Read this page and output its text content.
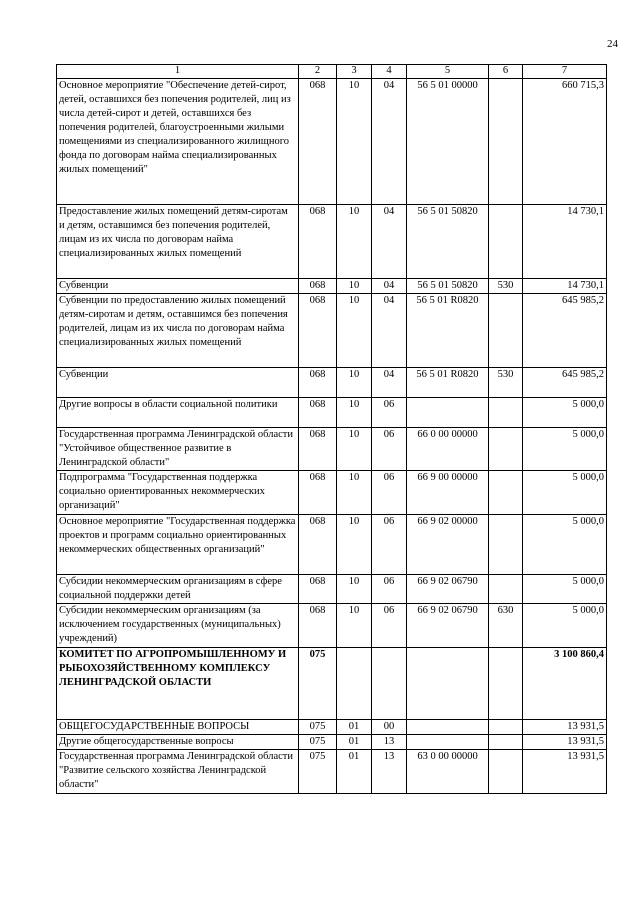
24
1	2	3	4	5	6	7
Основное мероприятие "Обеспечение детей-сирот, детей, оставшихся без попечения родителей, лиц из числа детей-сирот и детей, оставшихся без попечения родителей, благоустроенными жилыми помещениями из специализированного жилищного фонда по договорам найма специализированных жилых помещений"	068	10	04	56 5 01 00000		660 715,3
Предоставление жилых помещений детям-сиротам и детям, оставшимся без попечения родителей, лицам из их числа по договорам найма специализированных жилых помещений	068	10	04	56 5 01 50820		14 730,1
Субвенции	068	10	04	56 5 01 50820	530	14 730,1
Субвенции по предоставлению жилых помещений детям-сиротам и детям, оставшимся без попечения родителей, лицам из их числа по договорам найма специализированных жилых помещений	068	10	04	56 5 01 R0820		645 985,2
Субвенции	068	10	04	56 5 01 R0820	530	645 985,2
Другие вопросы в области социальной политики	068	10	06			5 000,0
Государственная программа Ленинградской области "Устойчивое общественное развитие в Ленинградской области"	068	10	06	66 0 00 00000		5 000,0
Подпрограмма "Государственная поддержка социально ориентированных некоммерческих организаций"	068	10	06	66 9 00 00000		5 000,0
Основное мероприятие "Государственная поддержка проектов и программ социально ориентированных некоммерческих общественных организаций"	068	10	06	66 9 02 00000		5 000,0
Субсидии некоммерческим организациям в сфере социальной поддержки детей	068	10	06	66 9 02 06790		5 000,0
Субсидии некоммерческим организациям (за исключением государственных (муниципальных) учреждений)	068	10	06	66 9 02 06790	630	5 000,0
КОМИТЕТ ПО АГРОПРОМЫШЛЕННОМУ И РЫБОХОЗЯЙСТВЕННОМУ КОМПЛЕКСУ ЛЕНИНГРАДСКОЙ ОБЛАСТИ	075					3 100 860,4
ОБЩЕГОСУДАРСТВЕННЫЕ ВОПРОСЫ	075	01	00			13 931,5
Другие общегосударственные вопросы	075	01	13			13 931,5
Государственная программа Ленинградской области "Развитие сельского хозяйства Ленинградской области"	075	01	13	63 0 00 00000		13 931,5
